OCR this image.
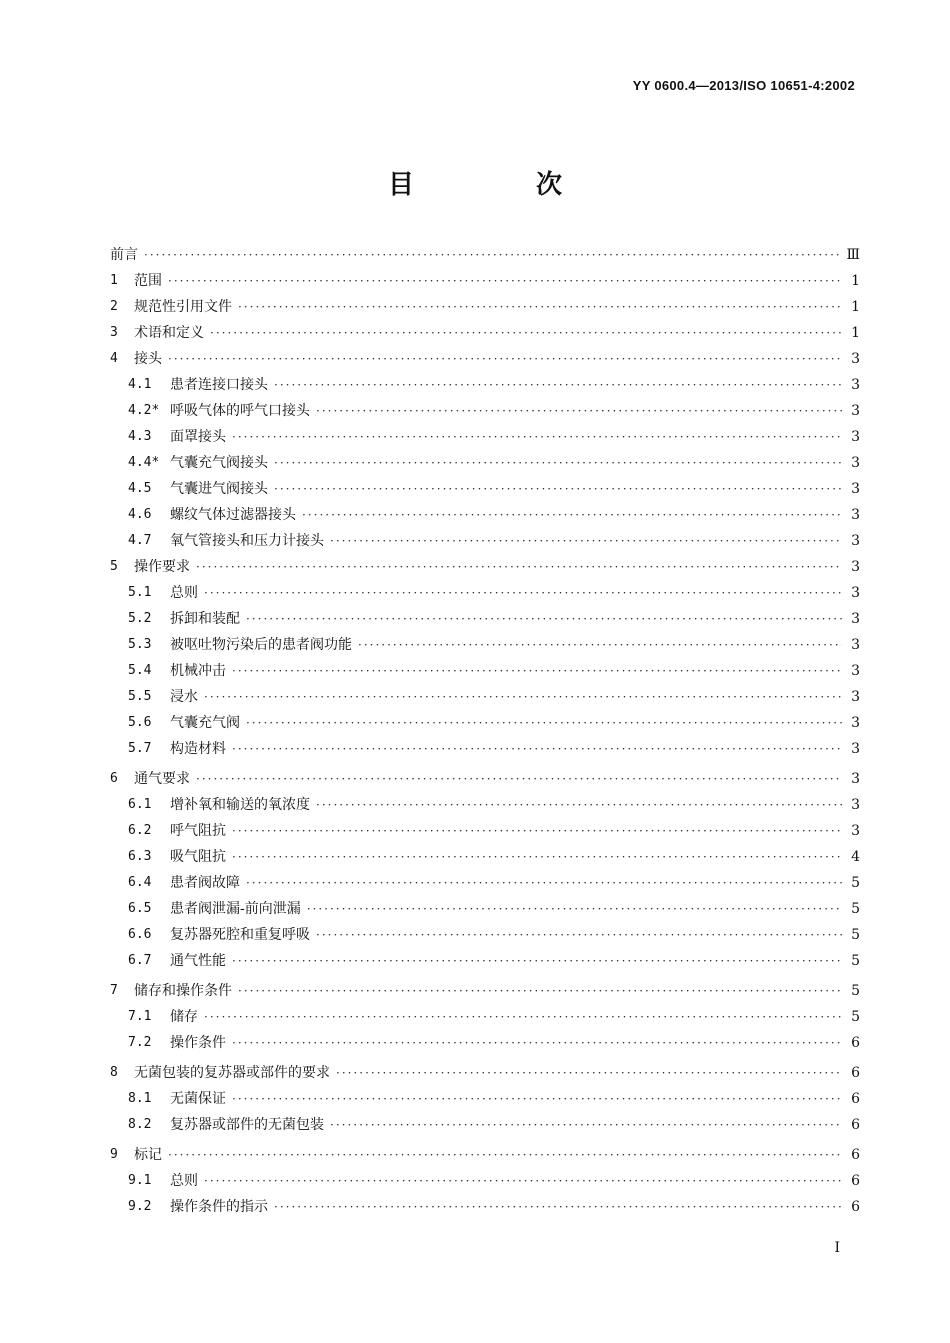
YY 0600.4—2013/ISO 10651-4:2002
目　次
前言 ·····	Ⅲ
1	范围 ·····	1
2	规范性引用文件 ·····	1
3	术语和定义 ·····	1
4	接头 ·····	3
4.1	患者连接口接头 ·····	3
4.2* 呼吸气体的呼气口接头 ·····	3
4.3	面罩接头 ·····	3
4.4* 气囊充气阀接头 ·····	3
4.5	气囊进气阀接头 ·····	3
4.6	螺纹气体过滤器接头 ·····	3
4.7	氧气管接头和压力计接头 ·····	3
5	操作要求 ·····	3
5.1	总则 ·····	3
5.2	拆卸和装配 ·····	3
5.3	被呕吐物污染后的患者阀功能 ·····	3
5.4	机械冲击 ·····	3
5.5	浸水 ·····	3
5.6	气囊充气阀 ·····	3
5.7	构造材料 ·····	3
6	通气要求 ·····	3
6.1	增补氧和输送的氧浓度 ·····	3
6.2	呼气阻抗 ·····	3
6.3	吸气阻抗 ·····	4
6.4	患者阀故障 ·····	5
6.5	患者阀泄漏-前向泄漏 ·····	5
6.6	复苏器死腔和重复呼吸 ·····	5
6.7	通气性能 ·····	5
7	储存和操作条件 ·····	5
7.1	储存 ·····	5
7.2	操作条件 ·····	6
8	无菌包装的复苏器或部件的要求 ·····	6
8.1	无菌保证 ·····	6
8.2	复苏器或部件的无菌包装 ·····	6
9	标记 ·····	6
9.1	总则 ·····	6
9.2	操作条件的指示 ·····	6
I
